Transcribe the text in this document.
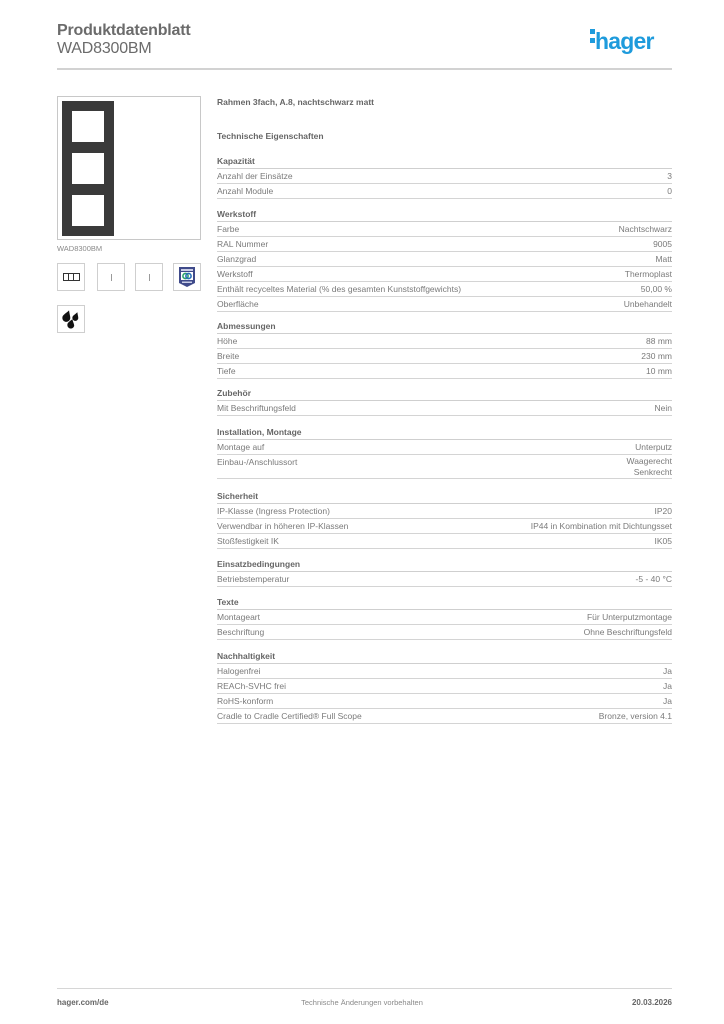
Produktdatenblatt
WAD8300BM	hager
WAD8300BM
Rahmen 3fach, A.8, nachtschwarz matt
Technische Eigenschaften
Kapazität
Anzahl der Einsätze	3
Anzahl Module	0
Werkstoff
Farbe	Nachtschwarz
RAL Nummer	9005
Glanzgrad	Matt
Werkstoff	Thermoplast
Enthält recyceltes Material (% des gesamten Kunststoffgewichts)	50,00 %
Oberfläche	Unbehandelt
Abmessungen
Höhe	88 mm
Breite	230 mm
Tiefe	10 mm
Zubehör
Mit Beschriftungsfeld	Nein
Installation, Montage
Montage auf	Unterputz
Einbau-/Anschlussort	Waagerecht
Senkrecht
Sicherheit
IP-Klasse (Ingress Protection)	IP20
Verwendbar in höheren IP-Klassen	IP44 in Kombination mit Dichtungsset
Stoßfestigkeit IK	IK05
Einsatzbedingungen
Betriebstemperatur	-5 - 40 °C
Texte
Montageart	Für Unterputzmontage
Beschriftung	Ohne Beschriftungsfeld
Nachhaltigkeit
Halogenfrei	Ja
REACh-SVHC frei	Ja
RoHS-konform	Ja
Cradle to Cradle Certified® Full Scope	Bronze, version 4.1
hager.com/de	Technische Änderungen vorbehalten	20.03.2026
